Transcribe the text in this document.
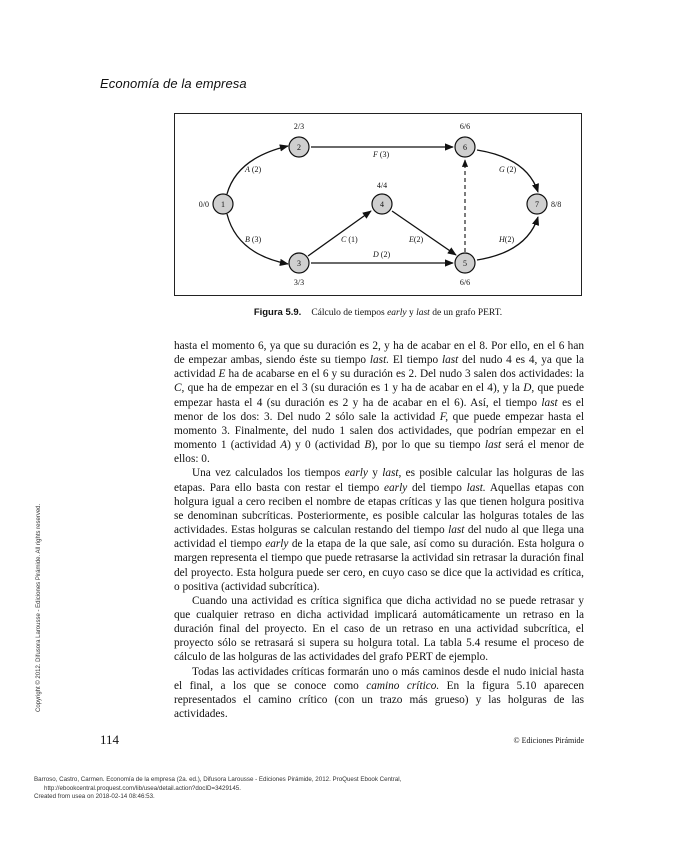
Economía de la empresa
1
2
3
4
5
6
7
0/0
2/3
3/3
4/4
6/6
6/6
8/8
A (2)
B (3)	C (1)
D (2)
E(2)
F (3)
G (2)
H(2)
Figura 5.9. Cálculo de tiempos early y last de un grafo PERT.

hasta el momento 6, ya que su duración es 2, y ha de acabar en el 8. Por ello, en el 6 han de empezar ambas, siendo éste su tiempo last. El tiempo last del nudo 4 es 4, ya que la actividad E ha de acabarse en el 6 y su duración es 2. Del nudo 3 salen dos actividades: la C, que ha de empezar en el 3 (su duración es 1 y ha de acabar en el 4), y la D, que puede empezar hasta el 4 (su duración es 2 y ha de acabar en el 6). Así, el tiempo last es el menor de los dos: 3. Del nudo 2 sólo sale la actividad F, que puede empezar hasta el momento 3. Finalmente, del nudo 1 salen dos actividades, que podrían empezar en el momento 1 (actividad A) y 0 (actividad B), por lo que su tiempo last será el menor de ellos: 0.

Una vez calculados los tiempos early y last, es posible calcular las holguras de las etapas. Para ello basta con restar el tiempo early del tiempo last. Aquellas etapas con holgura igual a cero reciben el nombre de etapas críticas y las que tienen holgura positiva se denominan subcríticas. Posteriormente, es posible calcular las holguras totales de las actividades. Estas holguras se calculan restando del tiempo last del nudo al que llega una actividad el tiempo early de la etapa de la que sale, así como su duración. Esta holgura o margen representa el tiempo que puede retrasarse la actividad sin retrasar la duración final del proyecto. Esta holgura puede ser cero, en cuyo caso se dice que la actividad es crítica, o positiva (actividad subcrítica).

Cuando una actividad es crítica significa que dicha actividad no se puede retrasar y que cualquier retraso en dicha actividad implicará automáticamente un retraso en la duración final del proyecto. En el caso de un retraso en una actividad subcrítica, el proyecto sólo se retrasará si supera su holgura total. La tabla 5.4 resume el proceso de cálculo de las holguras de las actividades del grafo PERT de ejemplo.

Todas las actividades críticas formarán uno o más caminos desde el nudo inicial hasta el final, a los que se conoce como camino crítico. En la figura 5.10 aparecen representados el camino crítico (con un trazo más grueso) y las holguras de las actividades.

114	© Ediciones Pirámide
Copyright © 2012. Difusora Larousse - Ediciones Pirámide. All rights reserved.
Barroso, Castro, Carmen. Economía de la empresa (2a. ed.), Difusora Larousse - Ediciones Pirámide, 2012. ProQuest Ebook Central,
http://ebookcentral.proquest.com/lib/usea/detail.action?docID=3429145.
Created from usea on 2018-02-14 08:46:53.
